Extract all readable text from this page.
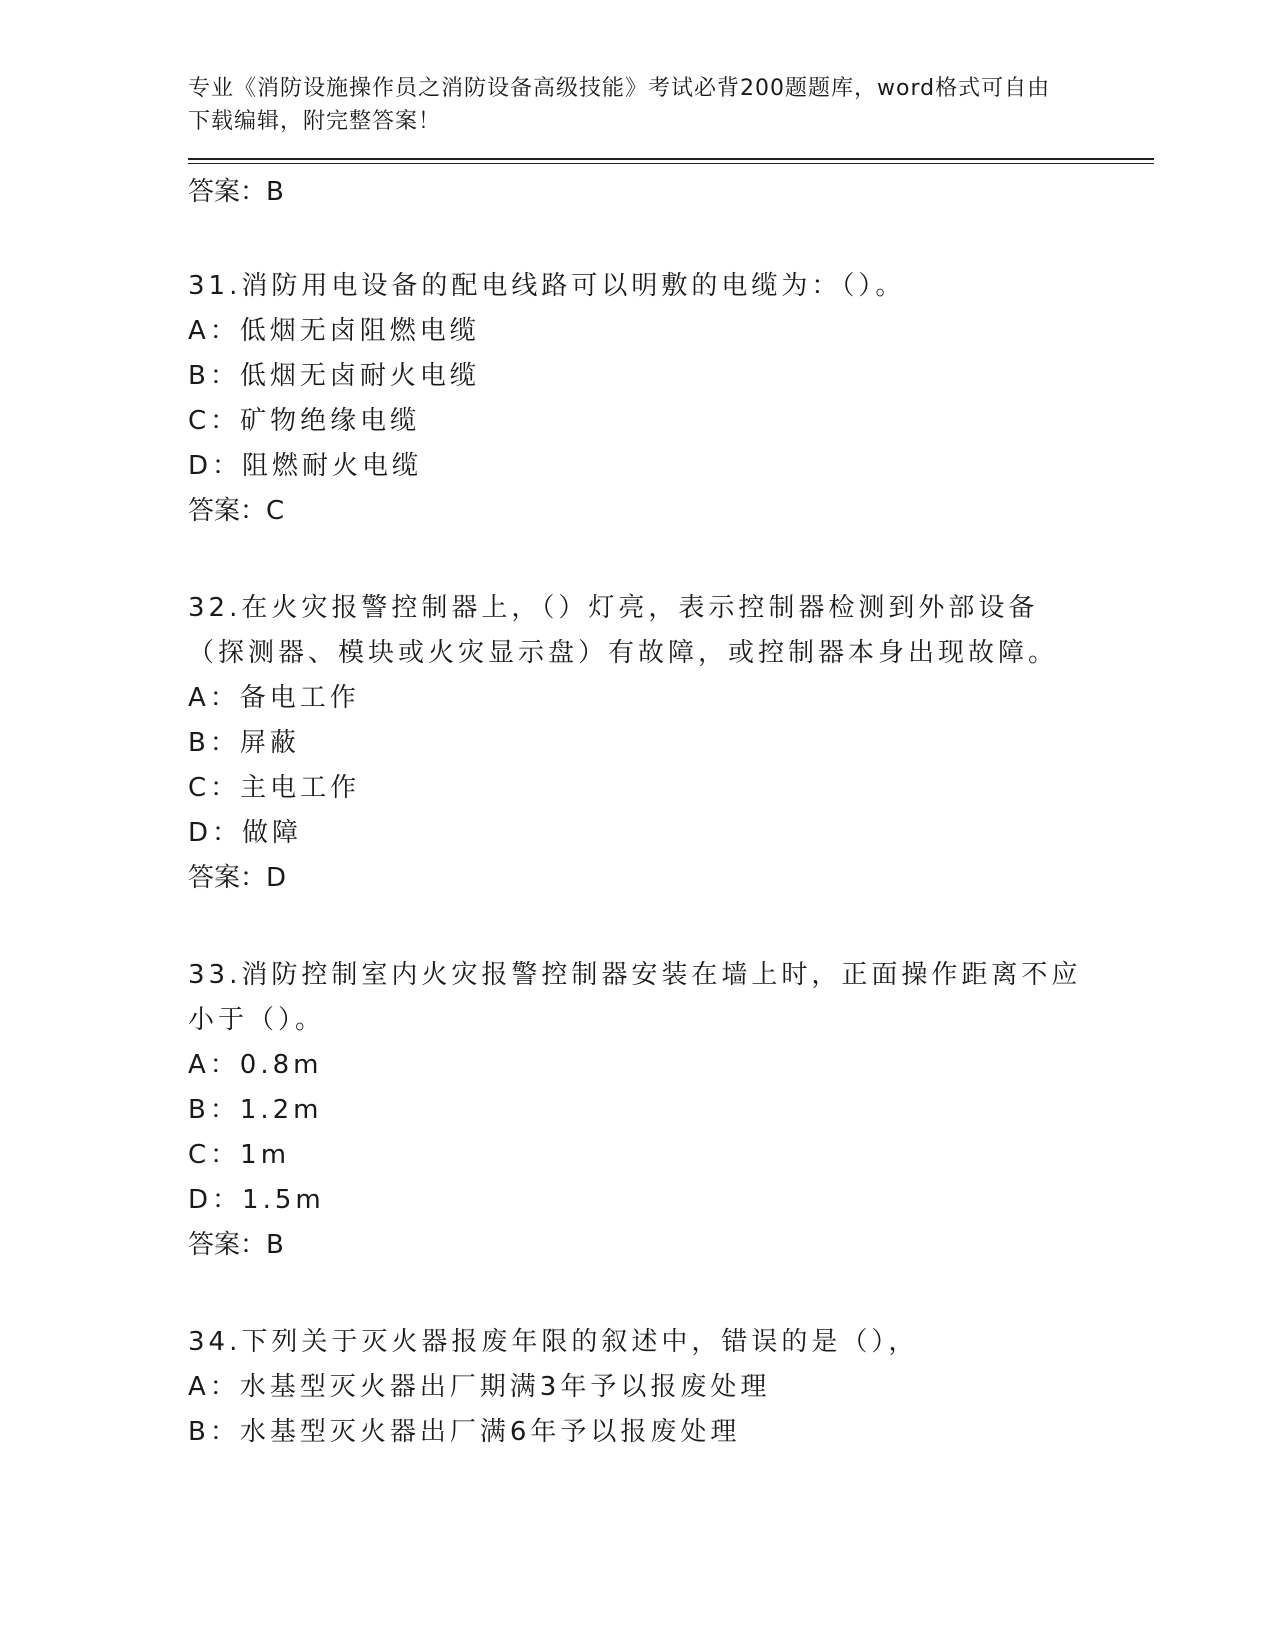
专业《消防设施操作员之消防设备高级技能》考试必背200题题库，word格式可自由下载编辑，附完整答案！

答案：B

31.消防用电设备的配电线路可以明敷的电缆为：（）。

A：低烟无卤阻燃电缆

B：低烟无卤耐火电缆

C：矿物绝缘电缆

D：阻燃耐火电缆

答案：C

32.在火灾报警控制器上，（）灯亮，表示控制器检测到外部设备（探测器、模块或火灾显示盘）有故障，或控制器本身出现故障。

A：备电工作

B：屏蔽

C：主电工作

D：做障

答案：D

33.消防控制室内火灾报警控制器安装在墙上时，正面操作距离不应小于（）。

A：0.8m

B：1.2m

C：1m

D：1.5m

答案：B

34.下列关于灭火器报废年限的叙述中，错误的是（），

A：水基型灭火器出厂期满3年予以报废处理

B：水基型灭火器出厂满6年予以报废处理
